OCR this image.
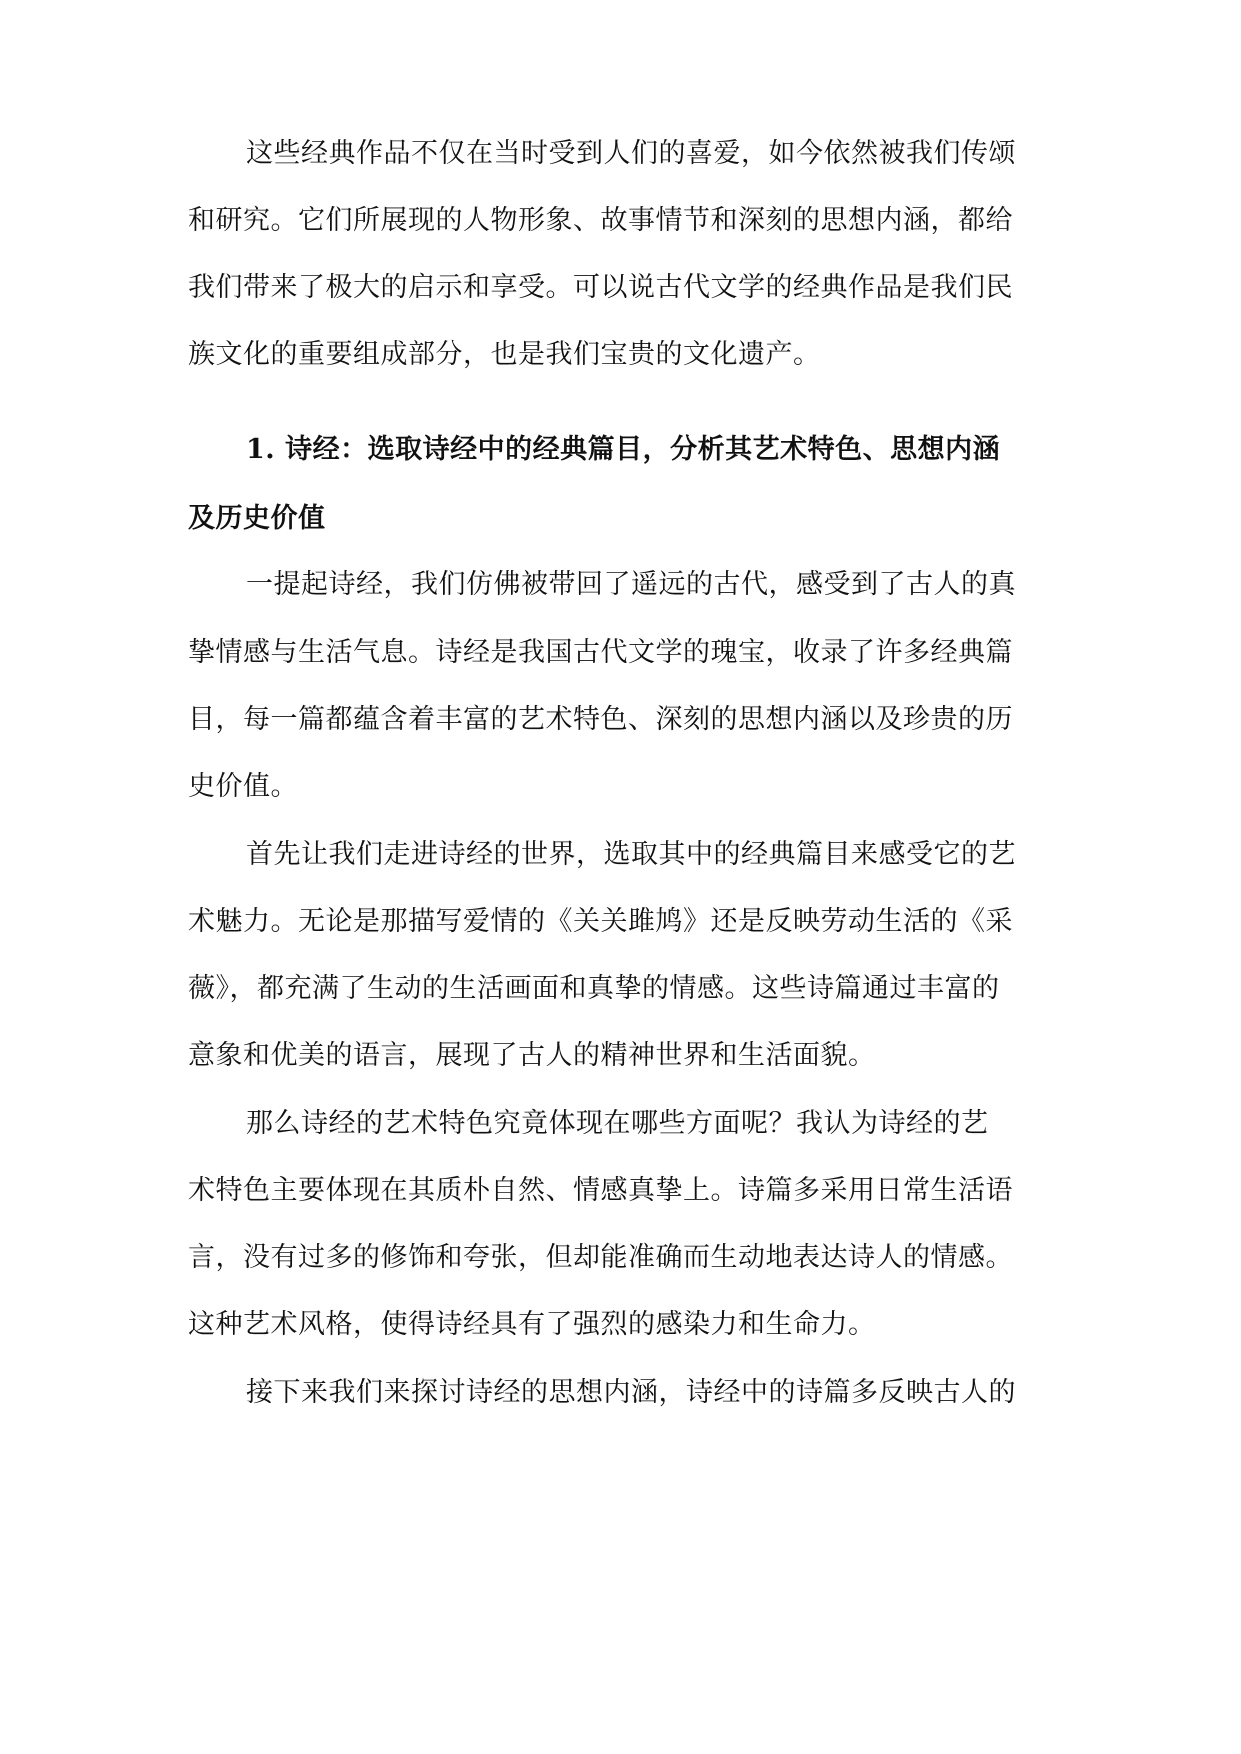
这些经典作品不仅在当时受到人们的喜爱，如今依然被我们传颂
和研究。它们所展现的人物形象、故事情节和深刻的思想内涵，都给
我们带来了极大的启示和享受。可以说古代文学的经典作品是我们民
族文化的重要组成部分，也是我们宝贵的文化遗产。
1. 诗经：选取诗经中的经典篇目，分析其艺术特色、思想内涵
及历史价值
一提起诗经，我们仿佛被带回了遥远的古代，感受到了古人的真
挚情感与生活气息。诗经是我国古代文学的瑰宝，收录了许多经典篇
目，每一篇都蕴含着丰富的艺术特色、深刻的思想内涵以及珍贵的历
史价值。
首先让我们走进诗经的世界，选取其中的经典篇目来感受它的艺
术魅力。无论是那描写爱情的《关关雎鸠》还是反映劳动生活的《采
薇》，都充满了生动的生活画面和真挚的情感。这些诗篇通过丰富的
意象和优美的语言，展现了古人的精神世界和生活面貌。
那么诗经的艺术特色究竟体现在哪些方面呢？我认为诗经的艺
术特色主要体现在其质朴自然、情感真挚上。诗篇多采用日常生活语
言，没有过多的修饰和夸张，但却能准确而生动地表达诗人的情感。
这种艺术风格，使得诗经具有了强烈的感染力和生命力。
接下来我们来探讨诗经的思想内涵，诗经中的诗篇多反映古人的
